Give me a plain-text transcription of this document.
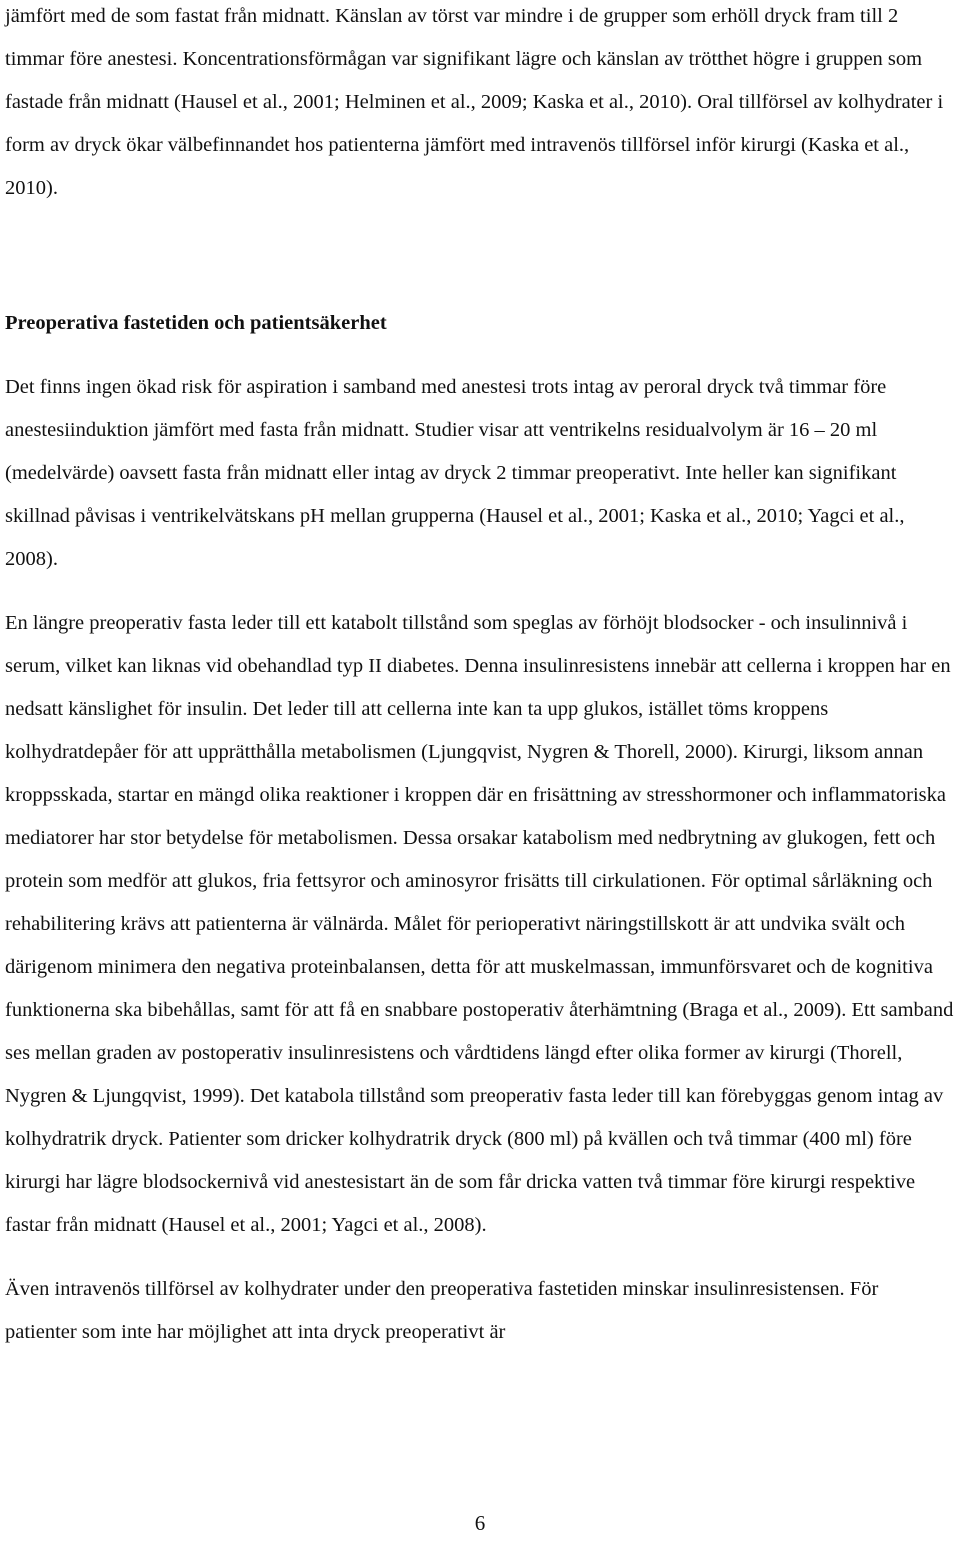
jämfört med de som fastat från midnatt. Känslan av törst var mindre i de grupper som erhöll dryck fram till 2 timmar före anestesi. Koncentrationsförmågan var signifikant lägre och känslan av trötthet högre i gruppen som fastade från midnatt (Hausel et al., 2001; Helminen et al., 2009; Kaska et al., 2010). Oral tillförsel av kolhydrater i form av dryck ökar välbefinnandet hos patienterna jämfört med intravenös tillförsel inför kirurgi (Kaska et al., 2010).

Preoperativa fastetiden och patientsäkerhet

Det finns ingen ökad risk för aspiration i samband med anestesi trots intag av peroral dryck två timmar före anestesiinduktion jämfört med fasta från midnatt. Studier visar att ventrikelns residualvolym är 16 – 20 ml (medelvärde) oavsett fasta från midnatt eller intag av dryck 2 timmar preoperativt. Inte heller kan signifikant skillnad påvisas i ventrikelvätskans pH mellan grupperna (Hausel et al., 2001; Kaska et al., 2010; Yagci et al., 2008).

En längre preoperativ fasta leder till ett katabolt tillstånd som speglas av förhöjt blodsocker - och insulinnivå i serum, vilket kan liknas vid obehandlad typ II diabetes. Denna insulinresistens innebär att cellerna i kroppen har en nedsatt känslighet för insulin. Det leder till att cellerna inte kan ta upp glukos, istället töms kroppens kolhydratdepåer för att upprätthålla metabolismen (Ljungqvist, Nygren & Thorell, 2000). Kirurgi, liksom annan kroppsskada, startar en mängd olika reaktioner i kroppen där en frisättning av stresshormoner och inflammatoriska mediatorer har stor betydelse för metabolismen. Dessa orsakar katabolism med nedbrytning av glukogen, fett och protein som medför att glukos, fria fettsyror och aminosyror frisätts till cirkulationen. För optimal sårläkning och rehabilitering krävs att patienterna är välnärda. Målet för perioperativt näringstillskott är att undvika svält och därigenom minimera den negativa proteinbalansen, detta för att muskelmassan, immunförsvaret och de kognitiva funktionerna ska bibehållas, samt för att få en snabbare postoperativ återhämtning (Braga et al., 2009). Ett samband ses mellan graden av postoperativ insulinresistens och vårdtidens längd efter olika former av kirurgi (Thorell, Nygren & Ljungqvist, 1999). Det katabola tillstånd som preoperativ fasta leder till kan förebyggas genom intag av kolhydratrik dryck. Patienter som dricker kolhydratrik dryck (800 ml) på kvällen och två timmar (400 ml) före kirurgi har lägre blodsockernivå vid anestesistart än de som får dricka vatten två timmar före kirurgi respektive fastar från midnatt (Hausel et al., 2001; Yagci et al., 2008).

Även intravenös tillförsel av kolhydrater under den preoperativa fastetiden minskar insulinresistensen. För patienter som inte har möjlighet att inta dryck preoperativt är

6
